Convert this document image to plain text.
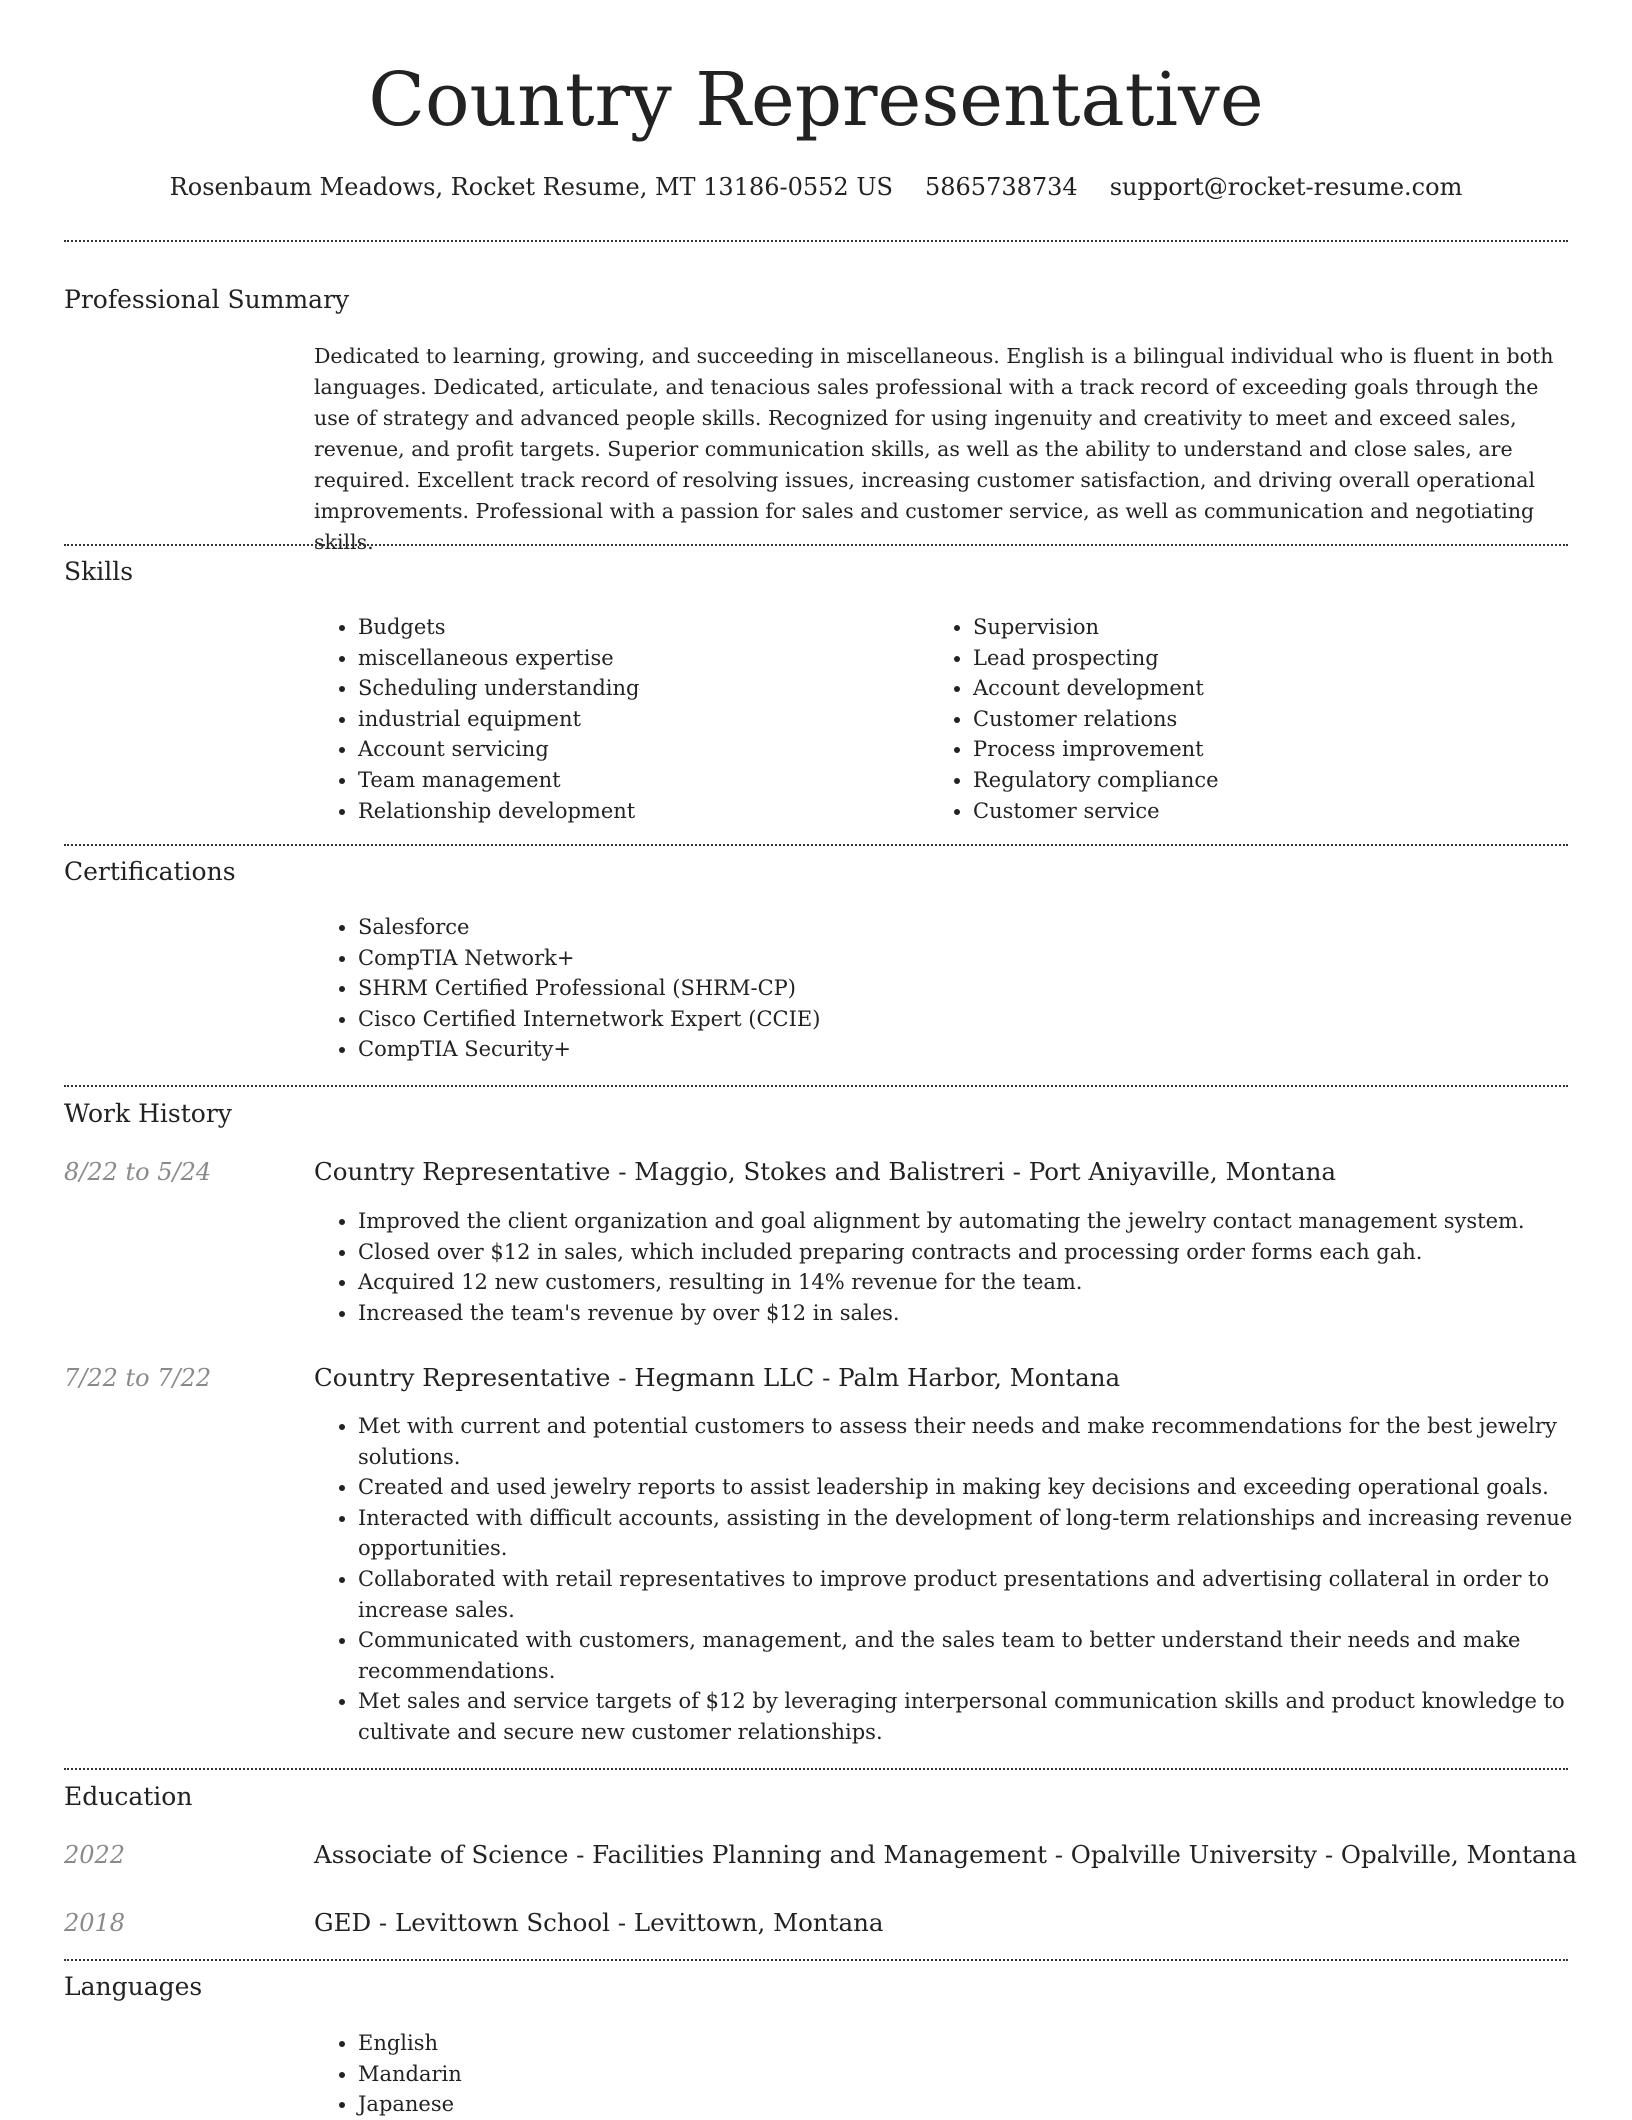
Country Representative
Rosenbaum Meadows, Rocket Resume, MT 13186-0552 US 5865738734 support@rocket-resume.com
Professional Summary

Dedicated to learning, growing, and succeeding in miscellaneous. English is a bilingual individual who is fluent in both languages. Dedicated, articulate, and tenacious sales professional with a track record of exceeding goals through the use of strategy and advanced people skills. Recognized for using ingenuity and creativity to meet and exceed sales, revenue, and profit targets. Superior communication skills, as well as the ability to understand and close sales, are required. Excellent track record of resolving issues, increasing customer satisfaction, and driving overall operational improvements. Professional with a passion for sales and customer service, as well as communication and negotiating skills.

Skills
• Budgets
• miscellaneous expertise
• Scheduling understanding
• industrial equipment
• Account servicing
• Team management
• Relationship development
• Supervision
• Lead prospecting
• Account development
• Customer relations
• Process improvement
• Regulatory compliance
• Customer service
Certifications
• Salesforce
• CompTIA Network+
• SHRM Certified Professional (SHRM-CP)
• Cisco Certified Internetwork Expert (CCIE)
• CompTIA Security+
Work History
8/22 to 5/24	Country Representative - Maggio, Stokes and Balistreri - Port Aniyaville, Montana
• Improved the client organization and goal alignment by automating the jewelry contact management system.
• Closed over $12 in sales, which included preparing contracts and processing order forms each gah.
• Acquired 12 new customers, resulting in 14% revenue for the team.
• Increased the team's revenue by over $12 in sales.
7/22 to 7/22	Country Representative - Hegmann LLC - Palm Harbor, Montana
• Met with current and potential customers to assess their needs and make recommendations for the best jewelry solutions.
• Created and used jewelry reports to assist leadership in making key decisions and exceeding operational goals.
• Interacted with difficult accounts, assisting in the development of long-term relationships and increasing revenue opportunities.
• Collaborated with retail representatives to improve product presentations and advertising collateral in order to increase sales.
• Communicated with customers, management, and the sales team to better understand their needs and make recommendations.
• Met sales and service targets of $12 by leveraging interpersonal communication skills and product knowledge to cultivate and secure new customer relationships.
Education
2022	Associate of Science - Facilities Planning and Management - Opalville University - Opalville, Montana
2018	GED - Levittown School - Levittown, Montana
Languages
• English
• Mandarin
• Japanese
